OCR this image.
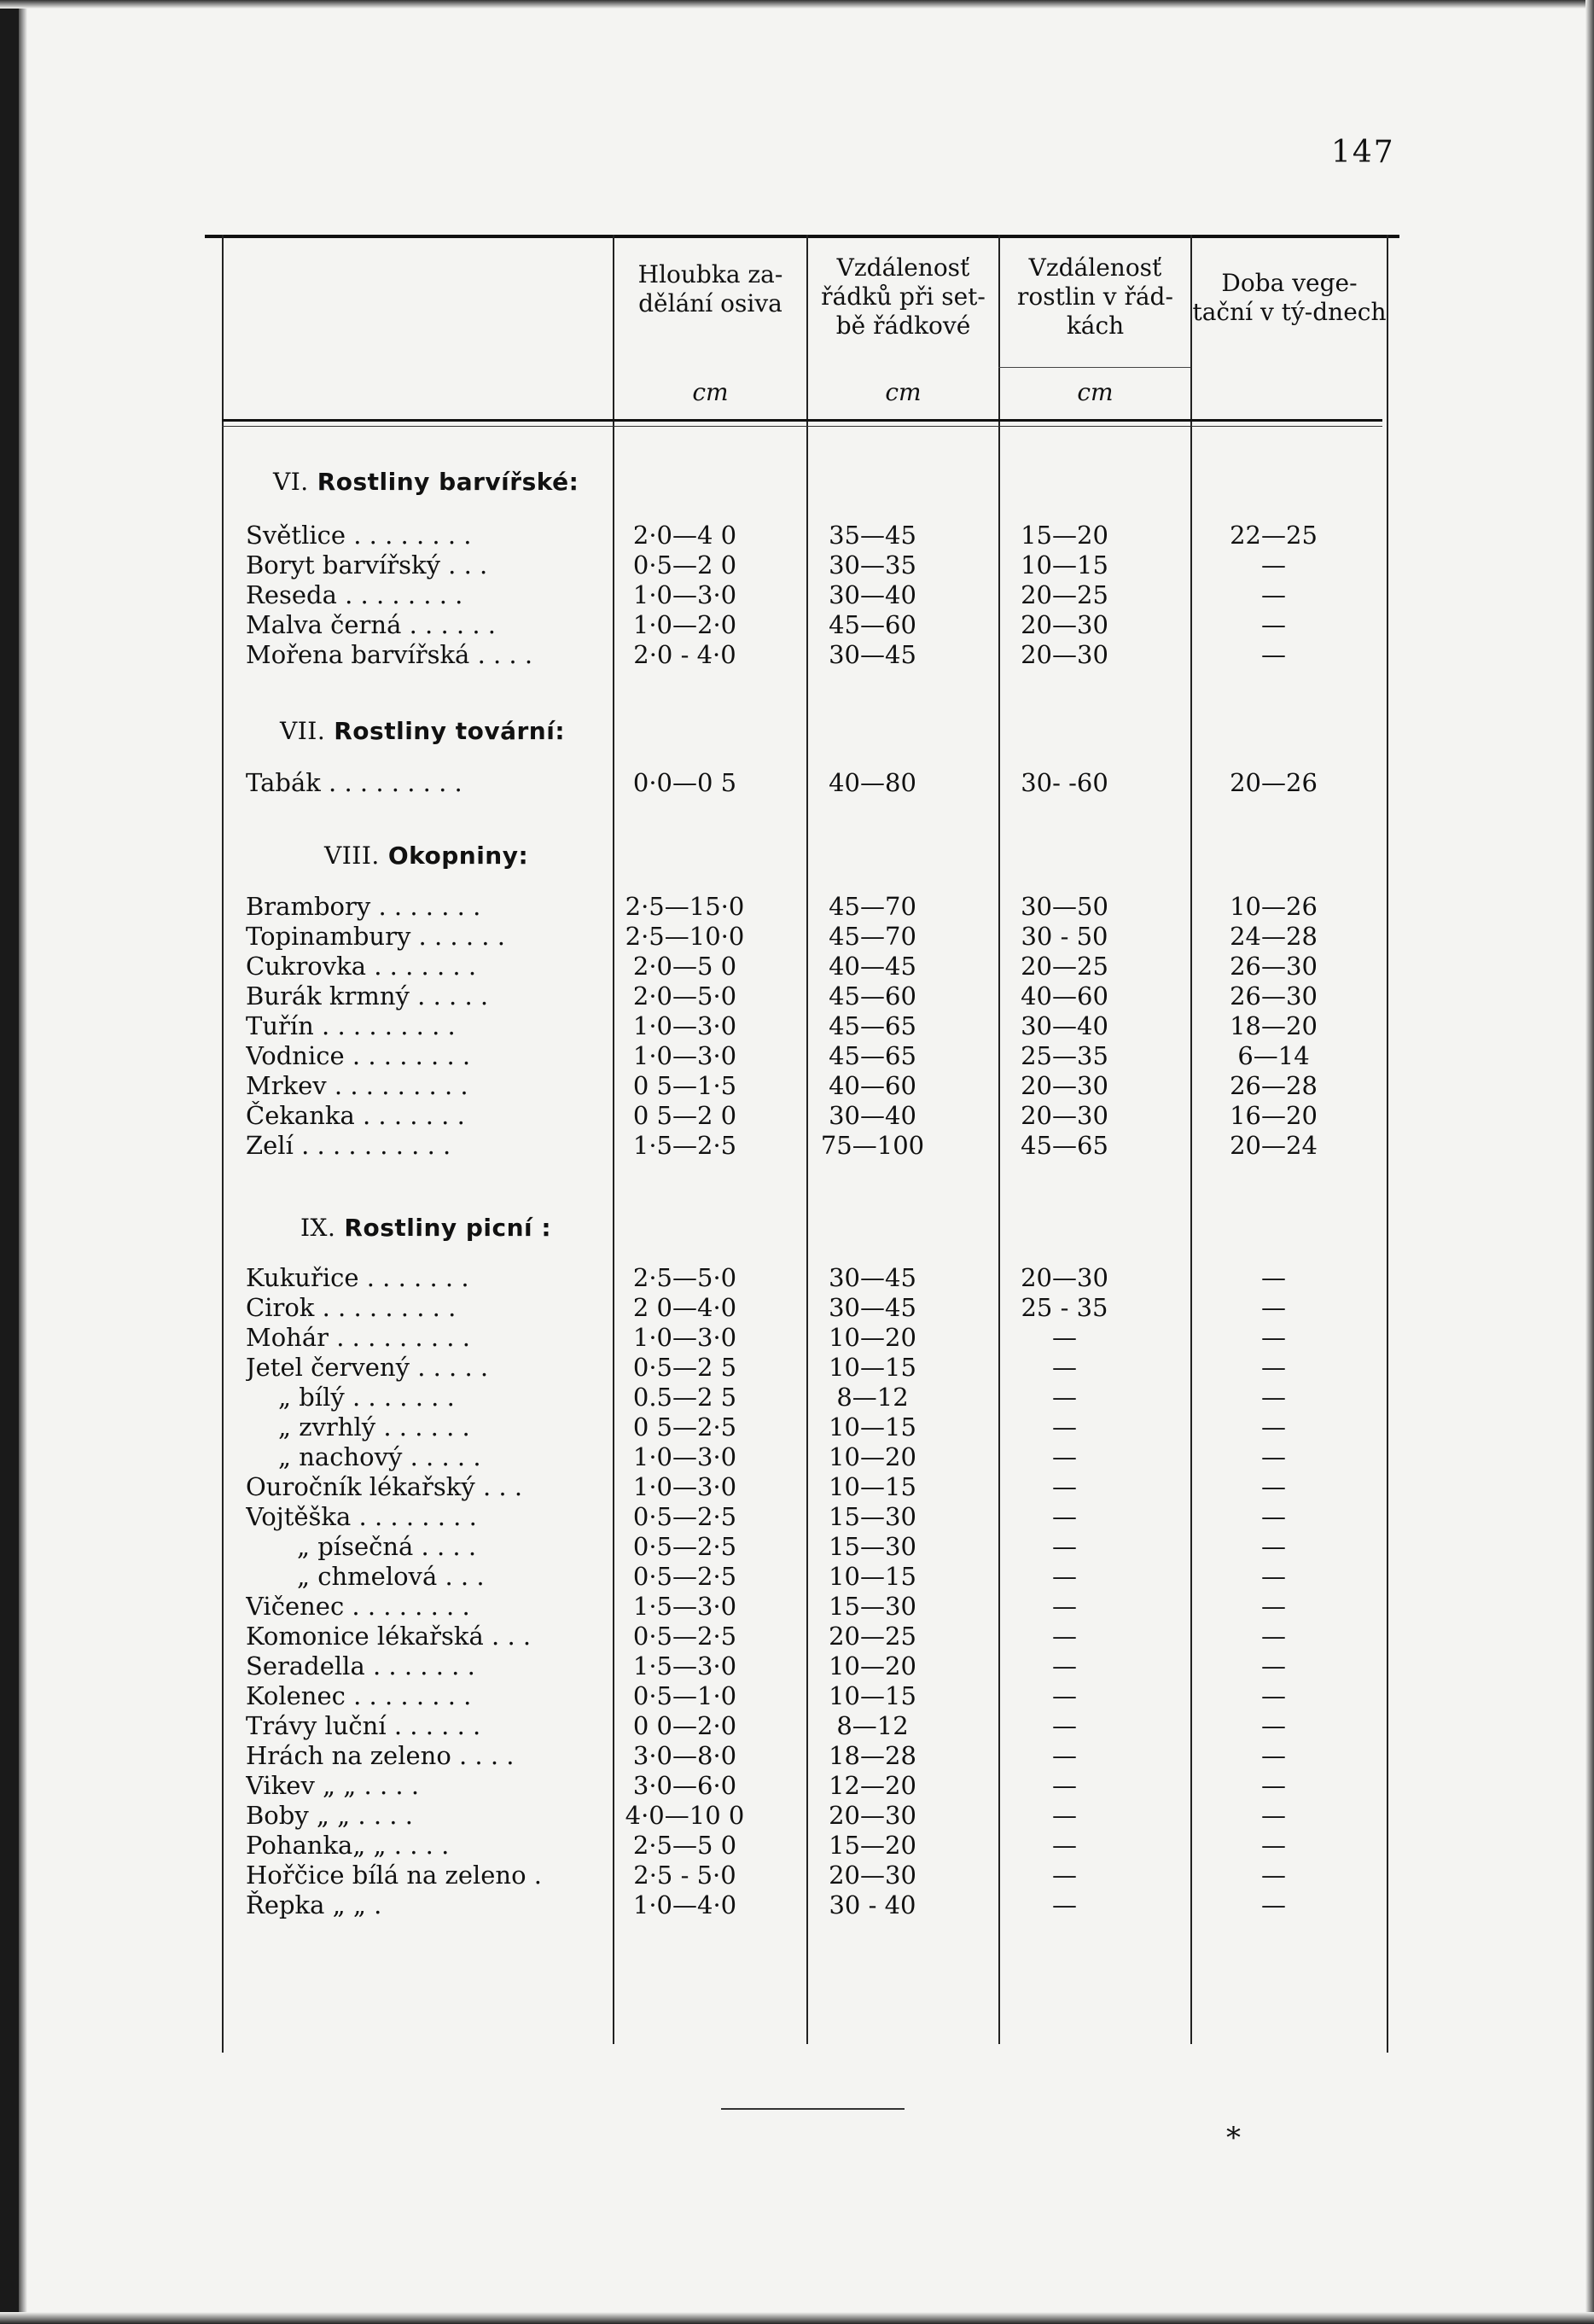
147
Hloubka za-dělání osiva
Vzdálenosť řádků při set-bě řádkové
Vzdálenosť rostlin v řád-kách
Doba vege-tační v tý-dnech
cm	cm	cm
VI. Rostliny barvířské:
VII. Rostliny tovární:
VIII. Okopniny:
IX. Rostliny picní :
Světlice . . . . . . . .	2·0—4 0	35—45	15—20	22—25
Boryt barvířský . . .	0·5—2 0	30—35	10—15	—
Reseda . . . . . . . .	1·0—3·0	30—40	20—25	—
Malva černá . . . . . .	1·0—2·0	45—60	20—30	—
Mořena barvířská . . . .	2·0 - 4·0	30—45	20—30	—
Tabák . . . . . . . . .	0·0—0 5	40—80	30- -60	20—26
Brambory . . . . . . .	2·5—15·0	45—70	30—50	10—26
Topinambury . . . . . .	2·5—10·0	45—70	30 - 50	24—28
Cukrovka . . . . . . .	2·0—5 0	40—45	20—25	26—30
Burák krmný . . . . .	2·0—5·0	45—60	40—60	26—30
Tuřín . . . . . . . . .	1·0—3·0	45—65	30—40	18—20
Vodnice . . . . . . . .	1·0—3·0	45—65	25—35	6—14
Mrkev . . . . . . . . .	0 5—1·5	40—60	20—30	26—28
Čekanka . . . . . . .	0 5—2 0	30—40	20—30	16—20
Zelí . . . . . . . . . .	1·5—2·5	75—100	45—65	20—24
Kukuřice . . . . . . .	2·5—5·0	30—45	20—30	—
Cirok . . . . . . . . .	2 0—4·0	30—45	25 - 35	—
Mohár . . . . . . . . .	1·0—3·0	10—20	—	—
Jetel červený . . . . .	0·5—2 5	10—15	—	—
„ bílý . . . . . . .	0.5—2 5	8—12	—	—
„ zvrhlý . . . . . .	0 5—2·5	10—15	—	—
„ nachový . . . . .	1·0—3·0	10—20	—	—
Ouročník lékařský . . .	1·0—3·0	10—15	—	—
Vojtěška . . . . . . . .	0·5—2·5	15—30	—	—
„ písečná . . . .	0·5—2·5	15—30	—	—
„ chmelová . . .	0·5—2·5	10—15	—	—
Vičenec . . . . . . . .	1·5—3·0	15—30	—	—
Komonice lékařská . . .	0·5—2·5	20—25	—	—
Seradella . . . . . . .	1·5—3·0	10—20	—	—
Kolenec . . . . . . . .	0·5—1·0	10—15	—	—
Trávy luční . . . . . .	0 0—2·0	8—12	—	—
Hrách na zeleno . . . .	3·0—8·0	18—28	—	—
Vikev „ „ . . . .	3·0—6·0	12—20	—	—
Boby „ „ . . . .	4·0—10 0	20—30	—	—
Pohanka„ „ . . . .	2·5—5 0	15—20	—	—
Hořčice bílá na zeleno .	2·5 - 5·0	20—30	—	—
Řepka „ „ .	1·0—4·0	30 - 40	—	—
*
